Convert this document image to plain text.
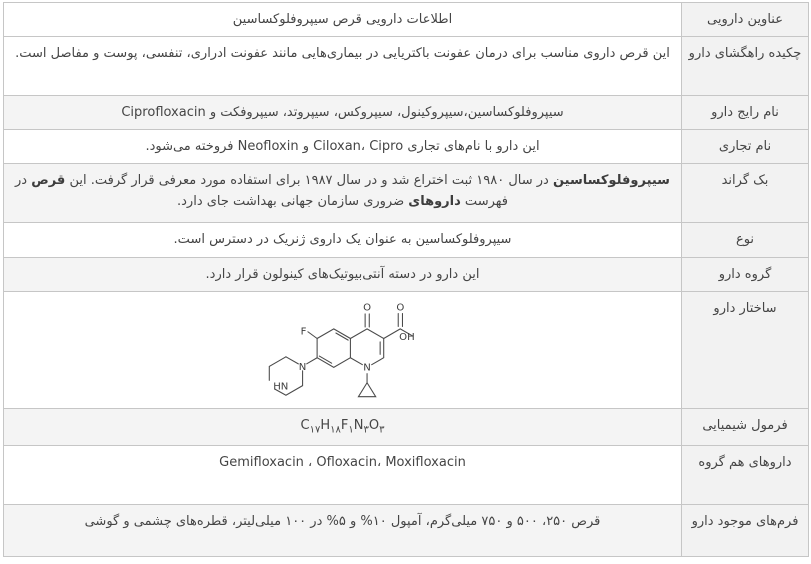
عناوین دارویی	اطلاعات دارویی قرص سیپروفلوکساسین
چکیده راهگشای دارو	این قرص داروی مناسب برای درمان عفونت باکتریایی در بیماری‌هایی مانند عفونت ادراری، تنفسی، پوست و مفاصل است.
نام رایج دارو	سیپروفلوکساسین،سیپروکینول، سیپروکس، سیپروتد، سیپروفکت و Ciprofloxacin
نام تجاری	این دارو با نام‌های تجاری Ciloxan، Cipro و Neofloxin فروخته می‌شود.
بک گراند	سیپروفلوکساسین در سال ۱۹۸۰ ثبت اختراع شد و در سال ۱۹۸۷ برای استفاده مورد معرفی قرار گرفت. این قرص در فهرست داروهای ضروری سازمان جهانی بهداشت جای دارد.
نوع	سیپروفلوکساسین به عنوان یک داروی ژنریک در دسترس است.
گروه دارو	این دارو در دسته آنتی‌بیوتیک‌های کینولون قرار دارد.
ساختار دارو	
O O
OH
F
N
N
HN

فرمول شیمیایی	$C_{۱۷}H_{۱۸}F_۱N_۳O_۳$
داروهای هم گروه	Gemifloxacin ، Ofloxacin، Moxifloxacin
فرم‌های موجود دارو	قرص ۲۵۰، ۵۰۰ و ۷۵۰ میلی‌گرم، آمپول ۱۰% و ۵% در ۱۰۰ میلی‌لیتر، قطره‌های چشمی و گوشی
